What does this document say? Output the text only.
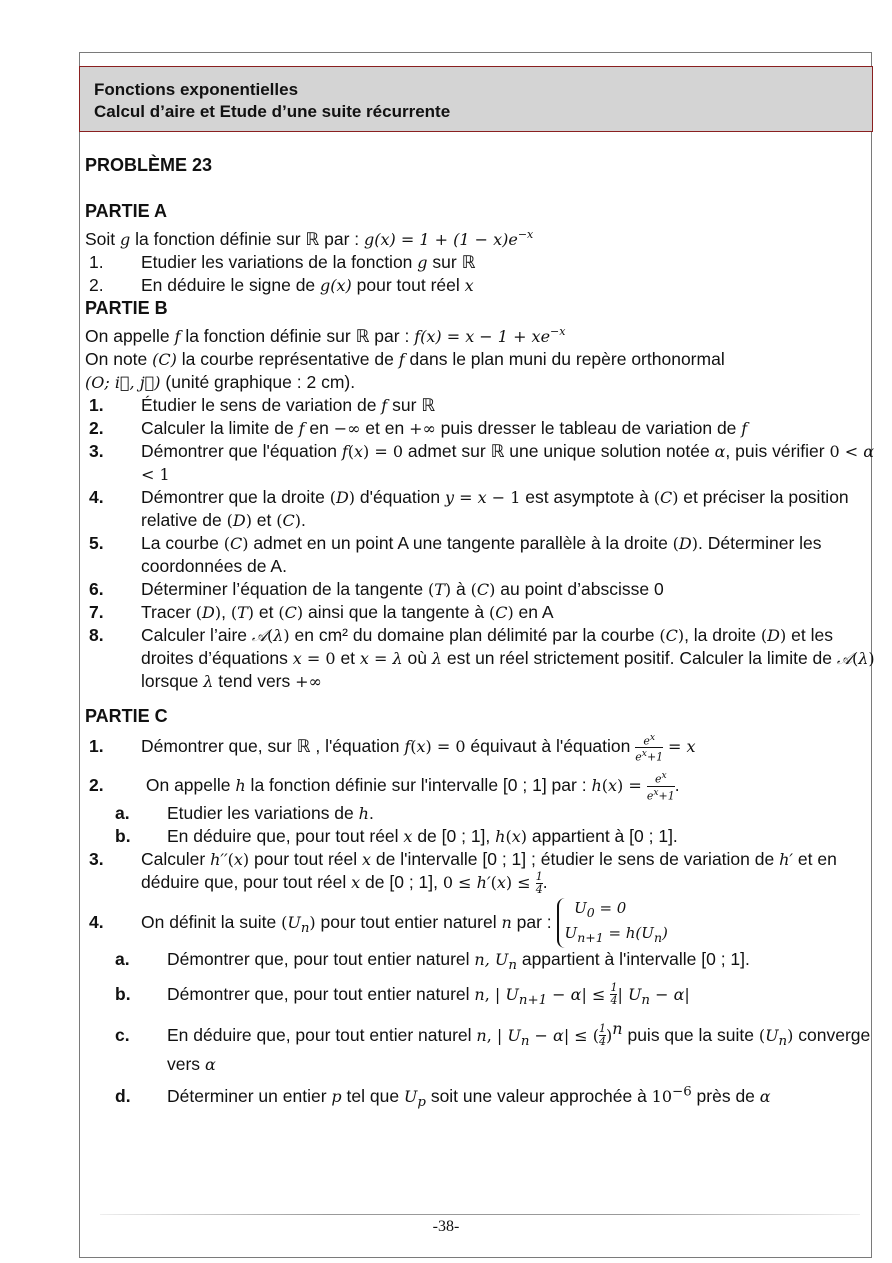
Fonctions exponentielles
Calcul d’aire et Etude d’une suite récurrente
PROBLÈME 23
PARTIE A
Soit g la fonction définie sur ℝ par : $g(x) = 1 + (1 - x)e^{-x}$
1. Etudier les variations de la fonction g sur ℝ
2. En déduire le signe de g(x) pour tout réel x
PARTIE B
On appelle f la fonction définie sur ℝ par : $f(x) = x - 1 + xe^{-x}$
On note (C) la courbe représentative de f dans le plan muni du repère orthonormal
(O; i⃗, j⃗) (unité graphique : 2 cm).
1. Étudier le sens de variation de f sur ℝ
2. Calculer la limite de f en −∞ et en +∞ puis dresser le tableau de variation de f
3. Démontrer que l'équation f(x) = 0 admet sur ℝ une unique solution notée α, puis vérifier 0 < α < 1
4. Démontrer que la droite (D) d'équation y = x − 1 est asymptote à (C) et préciser la position relative de (D) et (C).
5. La courbe (C) admet en un point A une tangente parallèle à la droite (D). Déterminer les coordonnées de A.
6. Déterminer l’équation de la tangente (T) à (C) au point d’abscisse 0
7. Tracer (D), (T) et (C) ainsi que la tangente à (C) en A
8. Calculer l’aire 𝒜(λ) en cm² du domaine plan délimité par la courbe (C), la droite (D) et les droites d’équations x = 0 et x = λ où λ est un réel strictement positif. Calculer la limite de 𝒜(λ) lorsque λ tend vers +∞
PARTIE C
1. Démontrer que, sur ℝ , l'équation f(x) = 0 équivaut à l'équation $\frac{e^x}{e^x+1} = x$
2. On appelle h la fonction définie sur l'intervalle [0 ; 1] par : $h(x) = \frac{e^x}{e^x+1}$ .
a. Etudier les variations de h.
b. En déduire que, pour tout réel x de [0 ; 1], h(x) appartient à [0 ; 1].
3. Calculer h′′(x) pour tout réel x de l'intervalle [0 ; 1] ; étudier le sens de variation de h′ et en déduire que, pour tout réel x de [0 ; 1], $0 \le h'(x) \le \frac{1}{4}$ .
4. On définit la suite $(U_n)$ pour tout entier naturel n par :   $U_0 = 0$
$U_{n+1} = h(U_n)$
a. Démontrer que, pour tout entier naturel n, $U_n$ appartient à l'intervalle [0 ; 1].
b. Démontrer que, pour tout entier naturel n, | $U_{n+1} - \alpha| \le \frac{1}{4}$ | $U_n - \alpha|$
c. En déduire que, pour tout entier naturel n, | $U_n - \alpha|$ ≤ ( $\frac{1}{4} )^n$ puis que la suite $(U_n)$ converge vers α
d. Déterminer un entier p tel que $U_p$ soit une valeur approchée à $10^{-6}$ près de α
-38-
